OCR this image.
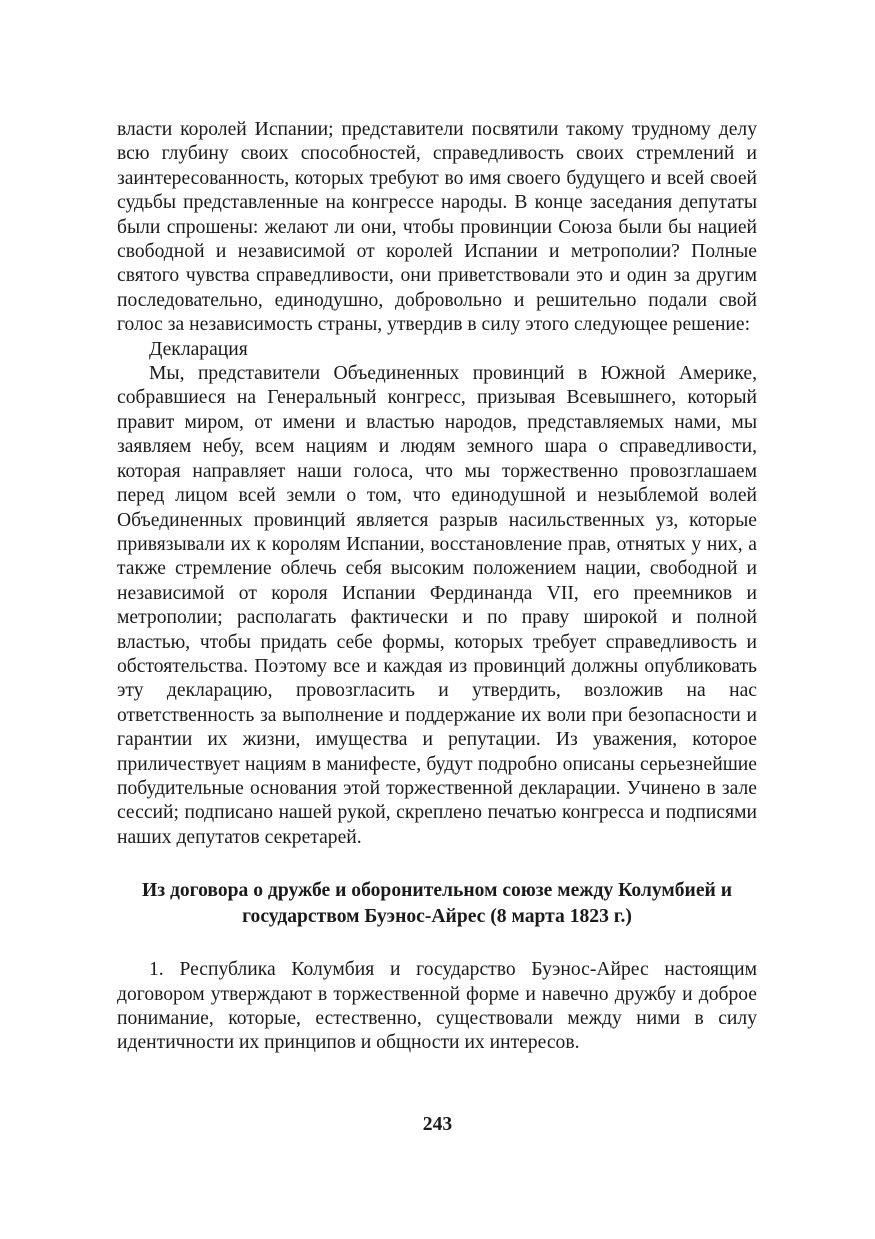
власти королей Испании; представители посвятили такому трудному делу всю глубину своих способностей, справедливость своих стремлений и заинтересованность, которых требуют во имя своего будущего и всей своей судьбы представленные на конгрессе народы. В конце заседания депутаты были спрошены: желают ли они, чтобы провинции Союза были бы нацией свободной и независимой от королей Испании и метрополии? Полные святого чувства справедливости, они приветствовали это и один за другим последовательно, единодушно, добровольно и решительно подали свой голос за независимость страны, утвердив в силу этого следующее решение:

Декларация

Мы, представители Объединенных провинций в Южной Америке, собравшиеся на Генеральный конгресс, призывая Всевышнего, который правит миром, от имени и властью народов, представляемых нами, мы заявляем небу, всем нациям и людям земного шара о справедливости, которая направляет наши голоса, что мы торжественно провозглашаем перед лицом всей земли о том, что единодушной и незыблемой волей Объединенных провинций является разрыв насильственных уз, которые привязывали их к королям Испании, восстановление прав, отнятых у них, а также стремление облечь себя высоким положением нации, свободной и независимой от короля Испании Фердинанда VII, его преемников и метрополии; располагать фактически и по праву широкой и полной властью, чтобы придать себе формы, которых требует справедливость и обстоятельства. Поэтому все и каждая из провинций должны опубликовать эту декларацию, провозгласить и утвердить, возложив на нас ответственность за выполнение и поддержание их воли при безопасности и гарантии их жизни, имущества и репутации. Из уважения, которое приличествует нациям в манифесте, будут подробно описаны серьезнейшие побудительные основания этой торжественной декларации. Учинено в зале сессий; подписано нашей рукой, скреплено печатью конгресса и подписями наших депутатов секретарей.

Из договора о дружбе и оборонительном союзе между Колумбией и государством Буэнос-Айрес (8 марта 1823 г.)

1. Республика Колумбия и государство Буэнос-Айрес настоящим договором утверждают в торжественной форме и навечно дружбу и доброе понимание, которые, естественно, существовали между ними в силу идентичности их принципов и общности их интересов.

243
